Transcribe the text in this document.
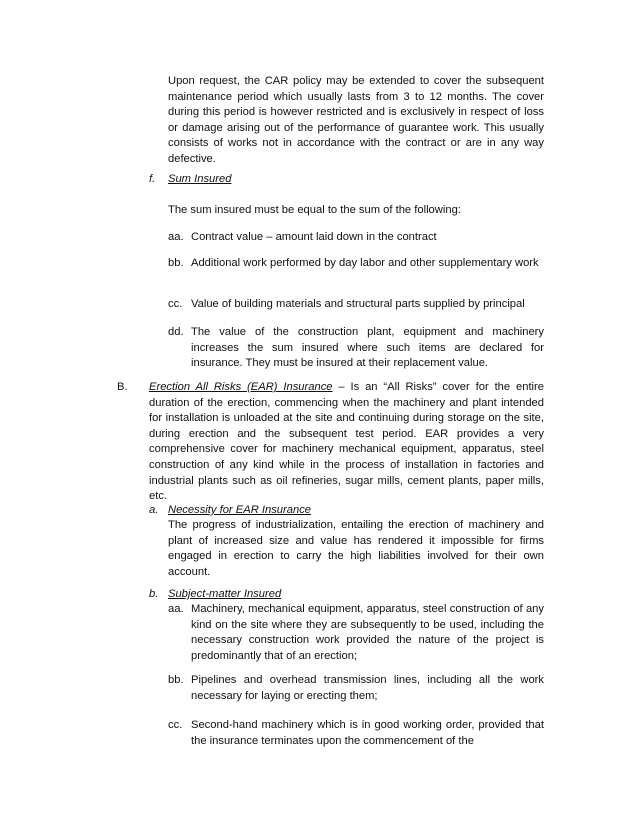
Upon request, the CAR policy may be extended to cover the subsequent maintenance period which usually lasts from 3 to 12 months. The cover during this period is however restricted and is exclusively in respect of loss or damage arising out of the performance of guarantee work. This usually consists of works not in accordance with the contract or are in any way defective.
f. Sum Insured
The sum insured must be equal to the sum of the following:
aa. Contract value – amount laid down in the contract
bb. Additional work performed by day labor and other supplementary work
cc. Value of building materials and structural parts supplied by principal
dd. The value of the construction plant, equipment and machinery increases the sum insured where such items are declared for insurance. They must be insured at their replacement value.
B. Erection All Risks (EAR) Insurance – Is an “All Risks” cover for the entire duration of the erection, commencing when the machinery and plant intended for installation is unloaded at the site and continuing during storage on the site, during erection and the subsequent test period. EAR provides a very comprehensive cover for machinery mechanical equipment, apparatus, steel construction of any kind while in the process of installation in factories and industrial plants such as oil refineries, sugar mills, cement plants, paper mills, etc.
a. Necessity for EAR Insurance
The progress of industrialization, entailing the erection of machinery and plant of increased size and value has rendered it impossible for firms engaged in erection to carry the high liabilities involved for their own account.
b. Subject-matter Insured
aa. Machinery, mechanical equipment, apparatus, steel construction of any kind on the site where they are subsequently to be used, including the necessary construction work provided the nature of the project is predominantly that of an erection;
bb. Pipelines and overhead transmission lines, including all the work necessary for laying or erecting them;
cc. Second-hand machinery which is in good working order, provided that the insurance terminates upon the commencement of the
